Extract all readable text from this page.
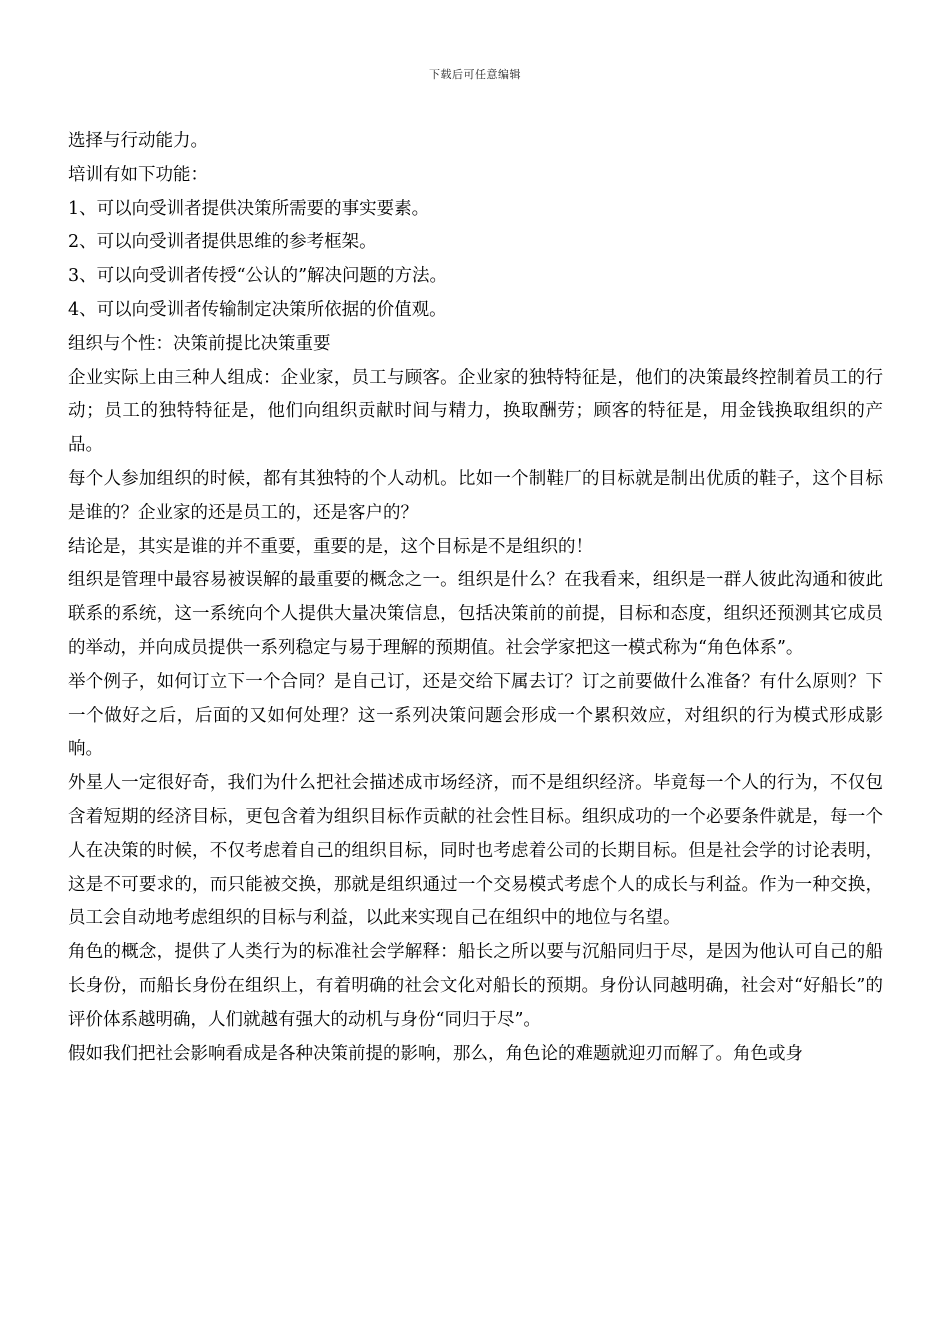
下载后可任意编辑

选择与行动能力。

培训有如下功能：

1、可以向受训者提供决策所需要的事实要素。

2、可以向受训者提供思维的参考框架。

3、可以向受训者传授“公认的”解决问题的方法。

4、可以向受训者传输制定决策所依据的价值观。

组织与个性：决策前提比决策重要

企业实际上由三种人组成：企业家，员工与顾客。企业家的独特特征是，他们的决策最终控制着员工的行动；员工的独特特征是，他们向组织贡献时间与精力，换取酬劳；顾客的特征是，用金钱换取组织的产品。

每个人参加组织的时候，都有其独特的个人动机。比如一个制鞋厂的目标就是制出优质的鞋子，这个目标是谁的？企业家的还是员工的，还是客户的？

结论是，其实是谁的并不重要，重要的是，这个目标是不是组织的！

组织是管理中最容易被误解的最重要的概念之一。组织是什么？在我看来，组织是一群人彼此沟通和彼此联系的系统，这一系统向个人提供大量决策信息，包括决策前的前提，目标和态度，组织还预测其它成员的举动，并向成员提供一系列稳定与易于理解的预期值。社会学家把这一模式称为“角色体系”。

举个例子，如何订立下一个合同？是自己订，还是交给下属去订？订之前要做什么准备？有什么原则？下一个做好之后，后面的又如何处理？这一系列决策问题会形成一个累积效应，对组织的行为模式形成影响。

外星人一定很好奇，我们为什么把社会描述成市场经济，而不是组织经济。毕竟每一个人的行为，不仅包含着短期的经济目标，更包含着为组织目标作贡献的社会性目标。组织成功的一个必要条件就是，每一个人在决策的时候，不仅考虑着自己的组织目标，同时也考虑着公司的长期目标。但是社会学的讨论表明，这是不可要求的，而只能被交换，那就是组织通过一个交易模式考虑个人的成长与利益。作为一种交换，员工会自动地考虑组织的目标与利益，以此来实现自己在组织中的地位与名望。

角色的概念，提供了人类行为的标准社会学解释：船长之所以要与沉船同归于尽，是因为他认可自己的船长身份，而船长身份在组织上，有着明确的社会文化对船长的预期。身份认同越明确，社会对“好船长”的评价体系越明确，人们就越有强大的动机与身份“同归于尽”。

假如我们把社会影响看成是各种决策前提的影响，那么，角色论的难题就迎刃而解了。角色或身
